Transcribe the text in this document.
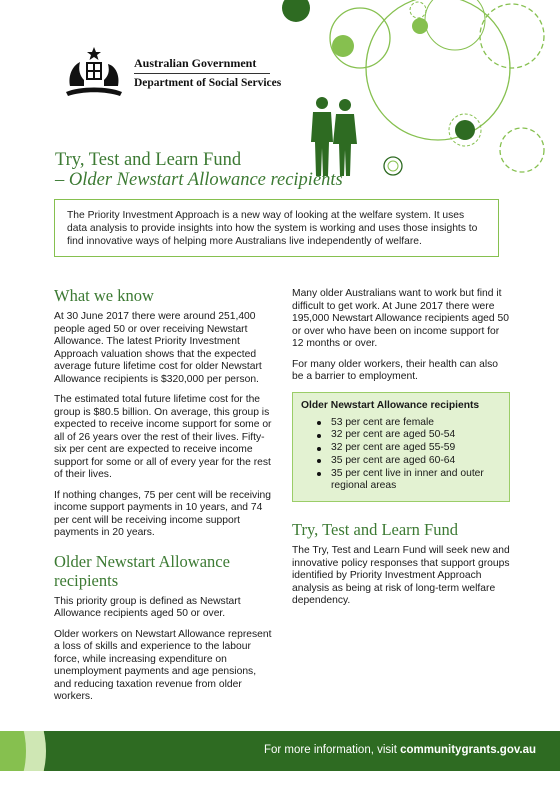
Australian Government
Department of Social Services
Try, Test and Learn Fund
– Older Newstart Allowance recipients

The Priority Investment Approach is a new way of looking at the welfare system. It uses data analysis to provide insights into how the system is working and uses those insights to find innovative ways of helping more Australians live independently of welfare.

What we know

At 30 June 2017 there were around 251,400 people aged 50 or over receiving Newstart Allowance. The latest Priority Investment Approach valuation shows that the expected average future lifetime cost for older Newstart Allowance recipients is $320,000 per person.

The estimated total future lifetime cost for the group is $80.5 billion. On average, this group is expected to receive income support for some or all of 26 years over the rest of their lives. Fifty-six per cent are expected to receive income support for some or all of every year for the rest of their lives.

If nothing changes, 75 per cent will be receiving income support payments in 10 years, and 74 per cent will be receiving income support payments in 20 years.

Older Newstart Allowance recipients

This priority group is defined as Newstart Allowance recipients aged 50 or over.

Older workers on Newstart Allowance represent a loss of skills and experience to the labour force, while increasing expenditure on unemployment payments and age pensions, and reducing taxation revenue from older workers.

Many older Australians want to work but find it difficult to get work. At June 2017 there were 195,000 Newstart Allowance recipients aged 50 or over who have been on income support for 12 months or over.

For many older workers, their health can also be a barrier to employment.

Older Newstart Allowance recipients
53 per cent are female
32 per cent are aged 50-54
32 per cent are aged 55-59
35 per cent are aged 60-64
35 per cent live in inner and outer regional areas
Try, Test and Learn Fund

The Try, Test and Learn Fund will seek new and innovative policy responses that support groups identified by Priority Investment Approach analysis as being at risk of long-term welfare dependency.

For more information, visit communitygrants.gov.au
